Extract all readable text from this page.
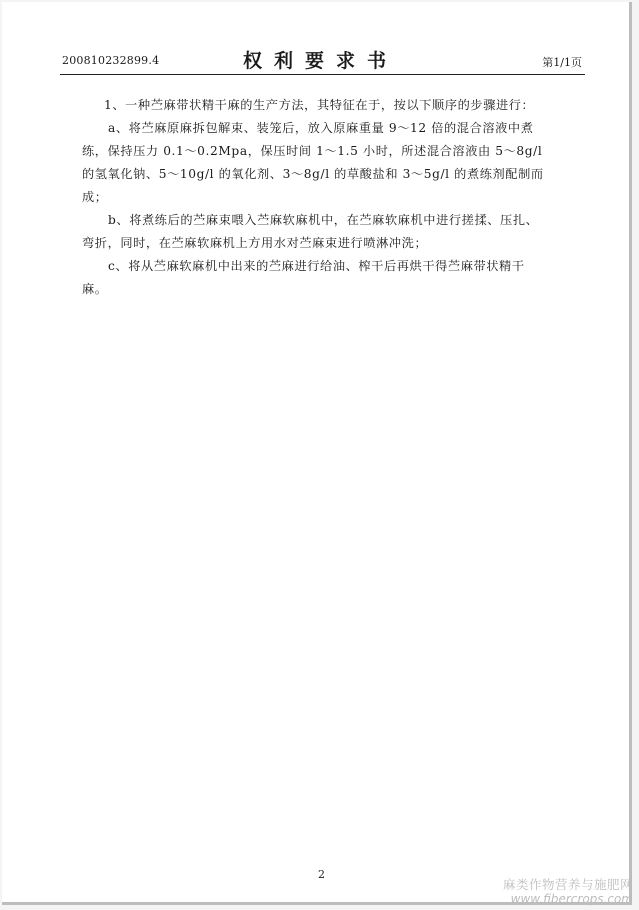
200810232899.4	权利要求书	第1/1页
1、一种苎麻带状精干麻的生产方法，其特征在于，按以下顺序的步骤进行：
a、将苎麻原麻拆包解束、装笼后，放入原麻重量 9～12 倍的混合溶液中煮
练，保持压力 0.1～0.2Mpa，保压时间 1～1.5 小时，所述混合溶液由 5～8g/l
的氢氧化钠、5～10g/l 的氧化剂、3～8g/l 的草酸盐和 3～5g/l 的煮练剂配制而
成；
b、将煮练后的苎麻束喂入苎麻软麻机中，在苎麻软麻机中进行搓揉、压扎、
弯折，同时，在苎麻软麻机上方用水对苎麻束进行喷淋冲洗；
c、将从苎麻软麻机中出来的苎麻进行给油、榨干后再烘干得苎麻带状精干
麻。
2
麻类作物营养与施肥网
www.fibercrops.com
